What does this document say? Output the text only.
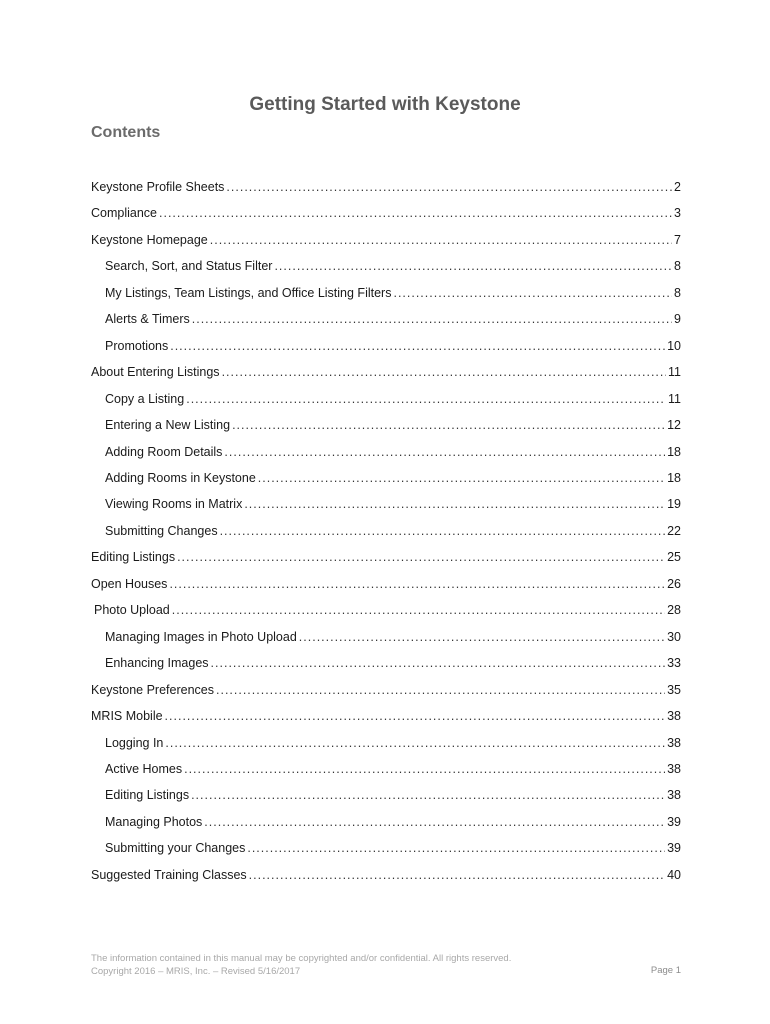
Getting Started with Keystone
Contents
Keystone Profile Sheets .....	2
Compliance .....	3
Keystone Homepage .....	7
Search, Sort, and Status Filter .....	8
My Listings, Team Listings, and Office Listing Filters .....	8
Alerts & Timers .....	9
Promotions .....	10
About Entering Listings .....	11
Copy a Listing .....	11
Entering a New Listing .....	12
Adding Room Details .....	18
Adding Rooms in Keystone .....	18
Viewing Rooms in Matrix .....	19
Submitting Changes .....	22
Editing Listings .....	25
Open Houses .....	26
Photo Upload .....	28
Managing Images in Photo Upload .....	30
Enhancing Images .....	33
Keystone Preferences .....	35
MRIS Mobile .....	38
Logging In .....	38
Active Homes .....	38
Editing Listings .....	38
Managing Photos .....	39
Submitting your Changes .....	39
Suggested Training Classes .....	40
The information contained in this manual may be copyrighted and/or confidential. All rights reserved.
Copyright 2016 – MRIS, Inc. – Revised 5/16/2017	Page 1
